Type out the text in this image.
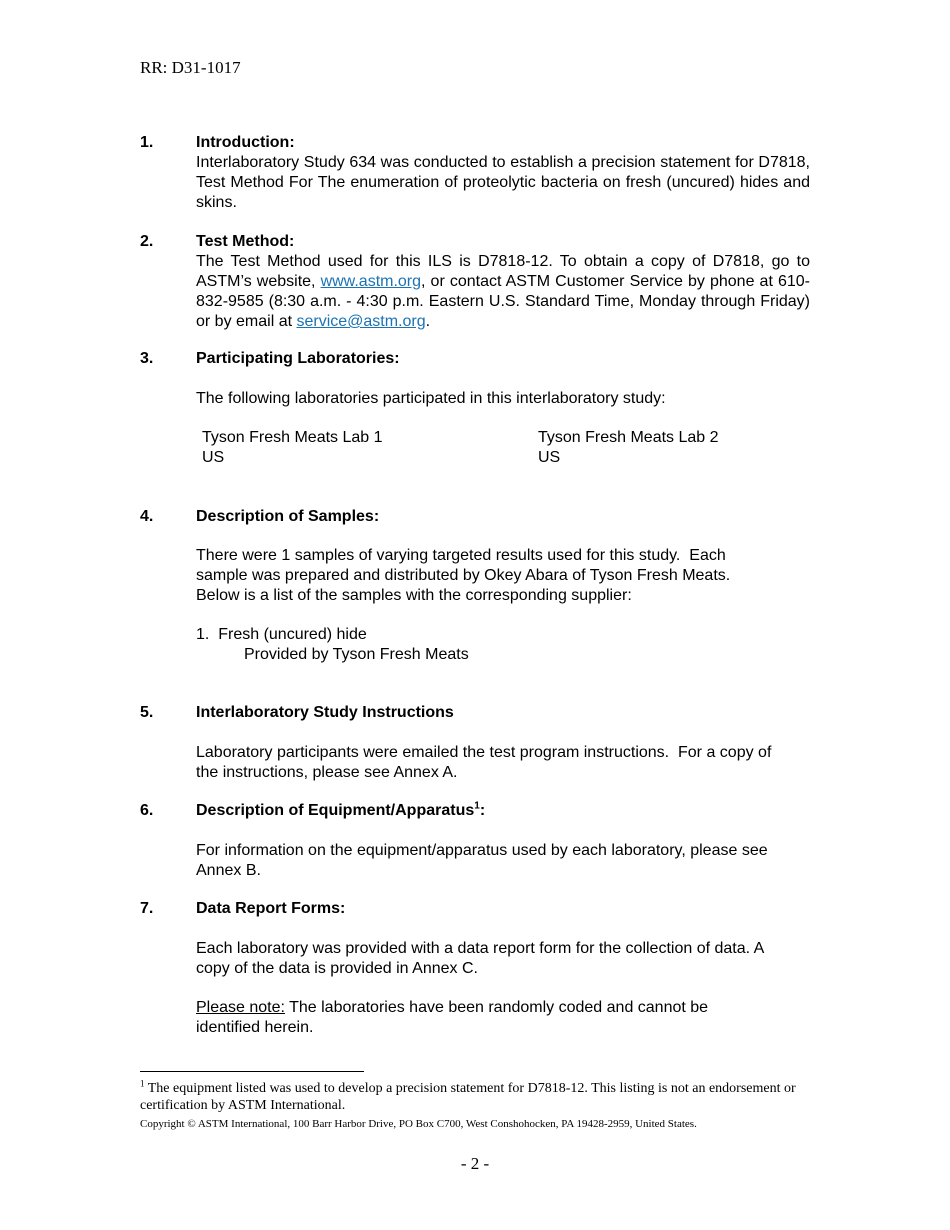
RR: D31-1017
1.	Introduction:
Interlaboratory Study 634 was conducted to establish a precision statement for D7818, Test Method For The enumeration of proteolytic bacteria on fresh (uncured) hides and skins.
2.	Test Method:
The Test Method used for this ILS is D7818-12. To obtain a copy of D7818, go to ASTM’s website, www.astm.org, or contact ASTM Customer Service by phone at 610-832-9585 (8:30 a.m. - 4:30 p.m. Eastern U.S. Standard Time, Monday through Friday) or by email at service@astm.org.
3.	Participating Laboratories:
The following laboratories participated in this interlaboratory study:
Tyson Fresh Meats Lab 1
US
Tyson Fresh Meats Lab 2
US
4.	Description of Samples:
There were 1 samples of varying targeted results used for this study.  Each
sample was prepared and distributed by Okey Abara of Tyson Fresh Meats.
Below is a list of the samples with the corresponding supplier:
1.  Fresh (uncured) hide
Provided by Tyson Fresh Meats
5.	Interlaboratory Study Instructions
Laboratory participants were emailed the test program instructions.  For a copy of
the instructions, please see Annex A.
6.	Description of Equipment/Apparatus$^1$:
For information on the equipment/apparatus used by each laboratory, please see
Annex B.
7.	Data Report Forms:
Each laboratory was provided with a data report form for the collection of data. A
copy of the data is provided in Annex C.
Please note: The laboratories have been randomly coded and cannot be
identified herein.
$^1$ The equipment listed was used to develop a precision statement for D7818-12. This listing is not an endorsement or certification by ASTM International.
Copyright © ASTM International, 100 Barr Harbor Drive, PO Box C700, West Conshohocken, PA 19428-2959, United States.
- 2 -
